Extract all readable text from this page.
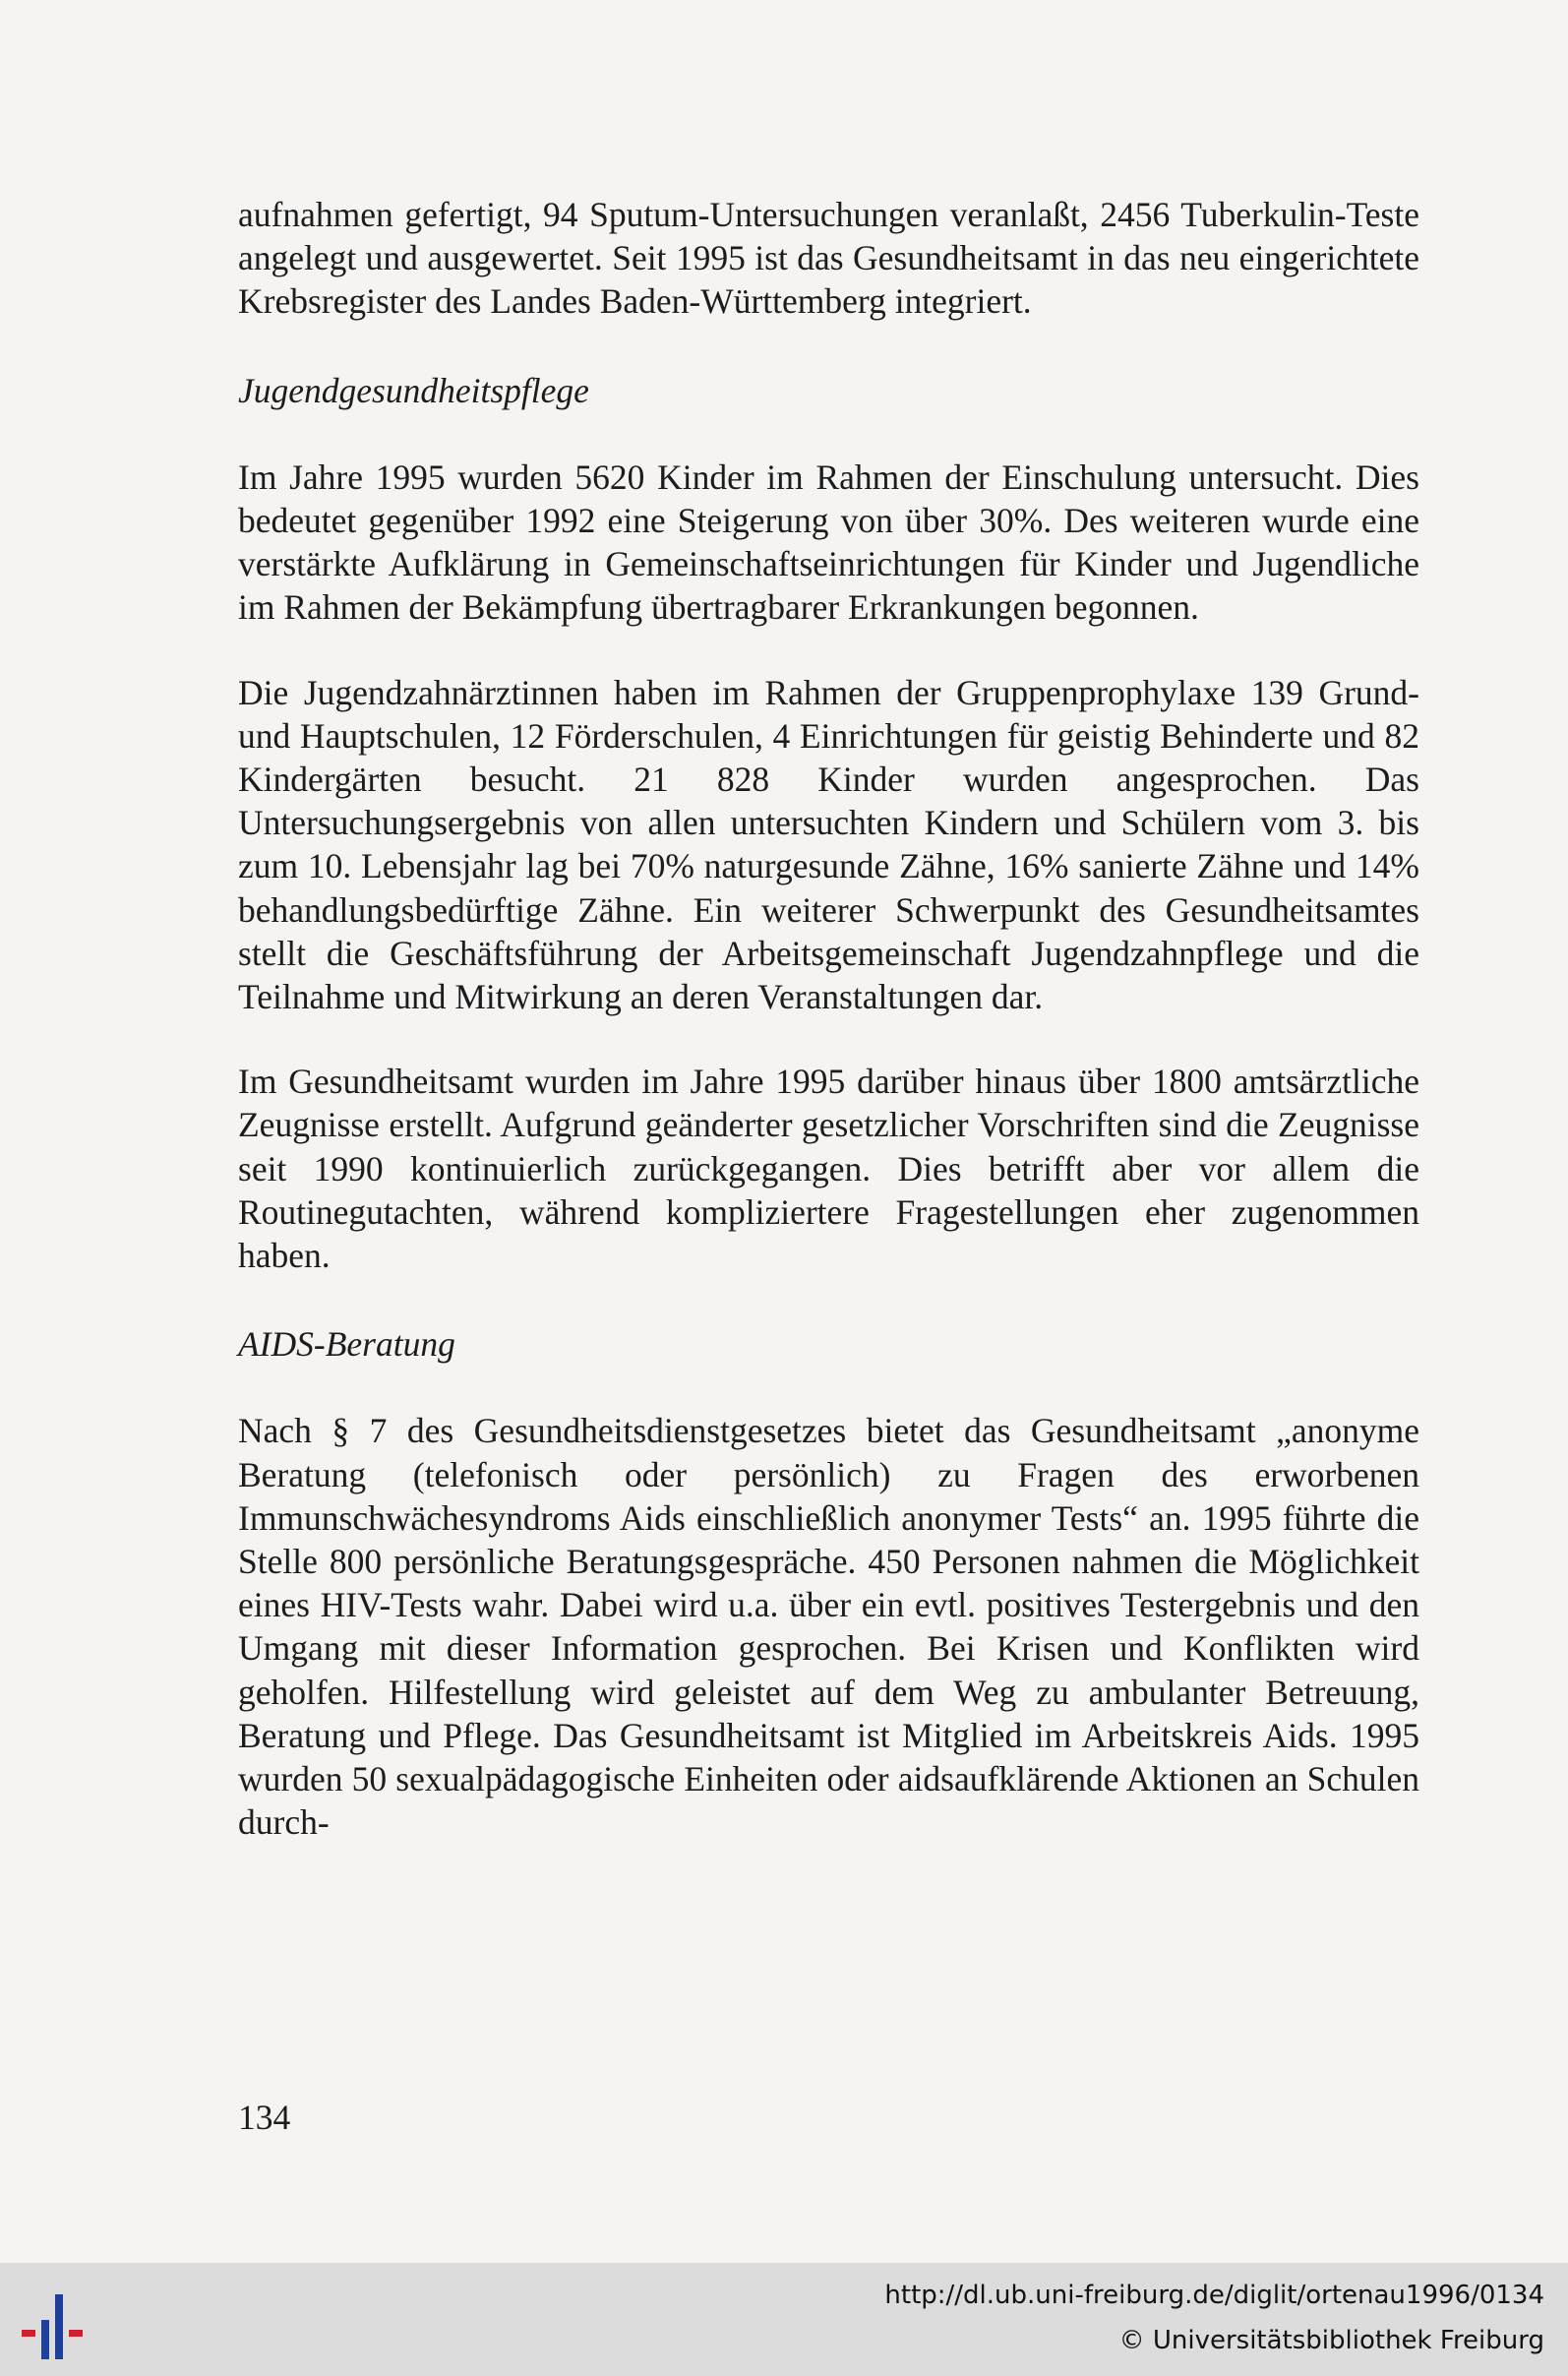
aufnahmen gefertigt, 94 Sputum-Untersuchungen veranlaßt, 2456 Tuberkulin-Teste angelegt und ausgewertet. Seit 1995 ist das Gesundheitsamt in das neu eingerichtete Krebsregister des Landes Baden-Württemberg integriert.

Jugendgesundheitspflege

Im Jahre 1995 wurden 5620 Kinder im Rahmen der Einschulung untersucht. Dies bedeutet gegenüber 1992 eine Steigerung von über 30%. Des weiteren wurde eine verstärkte Aufklärung in Gemeinschaftseinrichtungen für Kinder und Jugendliche im Rahmen der Bekämpfung übertragbarer Erkrankungen begonnen.

Die Jugendzahnärztinnen haben im Rahmen der Gruppenprophylaxe 139 Grund- und Hauptschulen, 12 Förderschulen, 4 Einrichtungen für geistig Behinderte und 82 Kindergärten besucht. 21 828 Kinder wurden angesprochen. Das Untersuchungsergebnis von allen untersuchten Kindern und Schülern vom 3. bis zum 10. Lebensjahr lag bei 70% naturgesunde Zähne, 16% sanierte Zähne und 14% behandlungsbedürftige Zähne. Ein weiterer Schwerpunkt des Gesundheitsamtes stellt die Geschäftsführung der Arbeitsgemeinschaft Jugendzahnpflege und die Teilnahme und Mitwirkung an deren Veranstaltungen dar.

Im Gesundheitsamt wurden im Jahre 1995 darüber hinaus über 1800 amtsärztliche Zeugnisse erstellt. Aufgrund geänderter gesetzlicher Vorschriften sind die Zeugnisse seit 1990 kontinuierlich zurückgegangen. Dies betrifft aber vor allem die Routinegutachten, während kompliziertere Fragestellungen eher zugenommen haben.

AIDS-Beratung

Nach § 7 des Gesundheitsdienstgesetzes bietet das Gesundheitsamt „anonyme Beratung (telefonisch oder persönlich) zu Fragen des erworbenen Immunschwächesyndroms Aids einschließlich anonymer Tests“ an. 1995 führte die Stelle 800 persönliche Beratungsgespräche. 450 Personen nahmen die Möglichkeit eines HIV-Tests wahr. Dabei wird u.a. über ein evtl. positives Testergebnis und den Umgang mit dieser Information gesprochen. Bei Krisen und Konflikten wird geholfen. Hilfestellung wird geleistet auf dem Weg zu ambulanter Betreuung, Beratung und Pflege. Das Gesundheitsamt ist Mitglied im Arbeitskreis Aids. 1995 wurden 50 sexualpädagogische Einheiten oder aidsaufklärende Aktionen an Schulen durch-

134
http://dl.ub.uni-freiburg.de/diglit/ortenau1996/0134
© Universitätsbibliothek Freiburg
